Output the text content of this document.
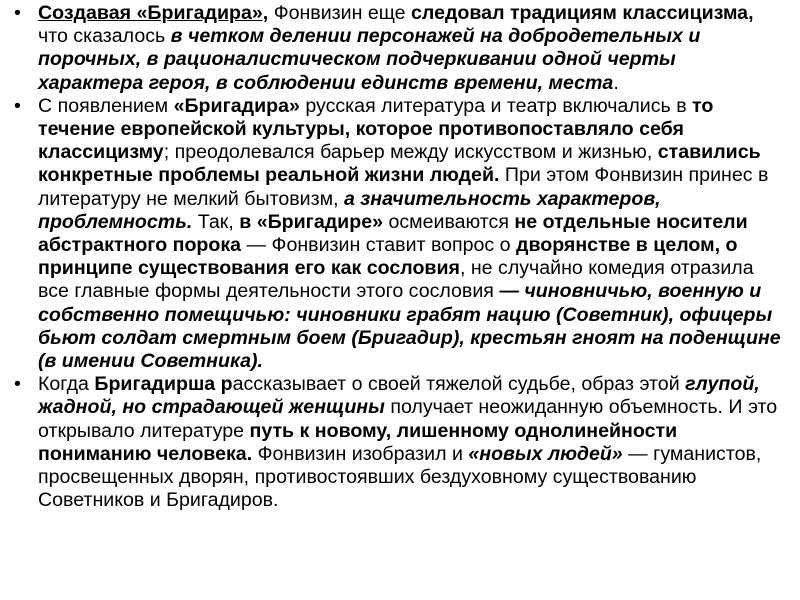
• Создавая «Бригадира», Фонвизин еще следовал традициям классицизма, что сказалось в четком делении персонажей на добродетельных и порочных, в рационалистическом подчеркивании одной черты характера героя, в соблюдении единств времени, места.
• С появлением «Бригадира» русская литература и театр включались в то течение европейской культуры, которое противопоставляло себя классицизму; преодолевался барьер между искусством и жизнью, ставились конкретные проблемы реальной жизни людей. При этом Фонвизин принес в литературу не мелкий бытовизм, а значительность характеров, проблемность. Так, в «Бригадире» осмеиваются не отдельные носители абстрактного порока — Фонвизин ставит вопрос о дворянстве в целом, о принципе существования его как сословия, не случайно комедия отразила все главные формы деятельности этого сословия — чиновничью, военную и собственно помещичью: чиновники грабят нацию (Советник), офицеры бьют солдат смертным боем (Бригадир), крестьян гноят на поденщине (в имении Советника).
• Когда Бригадирша рассказывает о своей тяжелой судьбе, образ этой глупой, жадной, но страдающей женщины получает неожиданную объемность. И это открывало литературе путь к новому, лишенному однолинейности пониманию человека. Фонвизин изобразил и «новых людей» — гуманистов, просвещенных дворян, противостоявших бездуховному существованию Советников и Бригадиров.
